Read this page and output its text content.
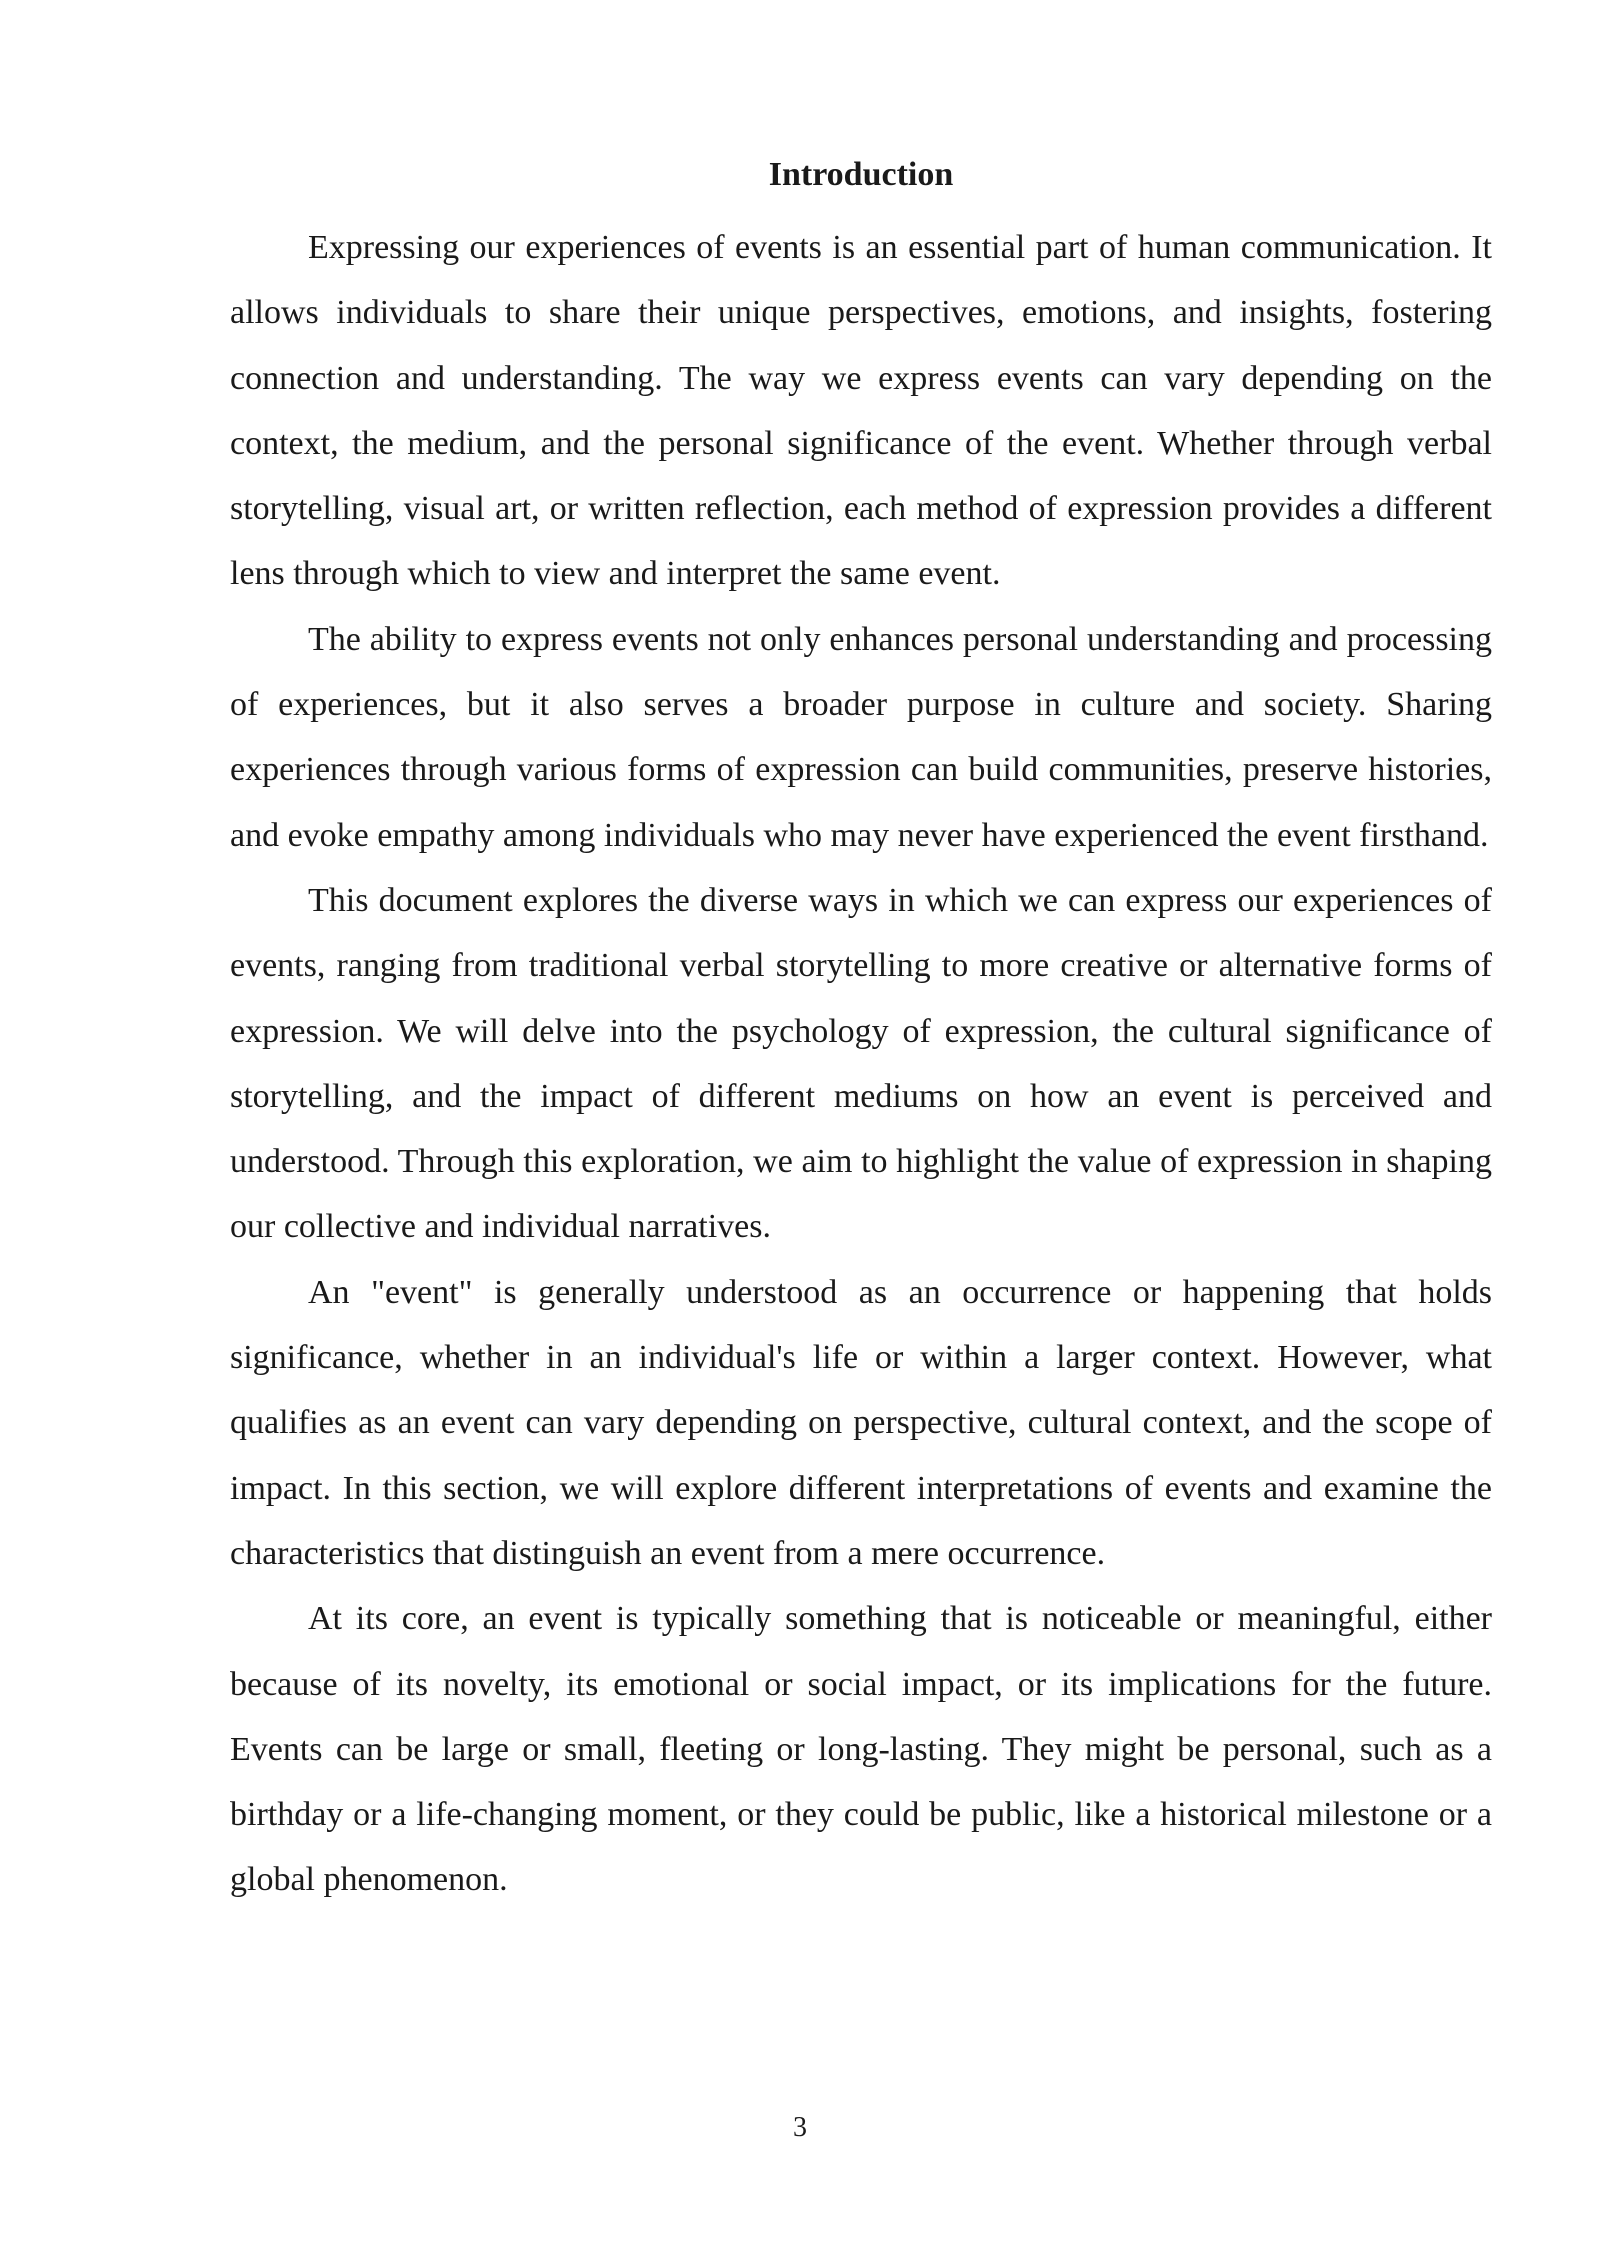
Introduction

Expressing our experiences of events is an essential part of human communication. It allows individuals to share their unique perspectives, emotions, and insights, fostering connection and understanding. The way we express events can vary depending on the context, the medium, and the personal significance of the event. Whether through verbal storytelling, visual art, or written reflection, each method of expression provides a different lens through which to view and interpret the same event.

The ability to express events not only enhances personal understanding and processing of experiences, but it also serves a broader purpose in culture and society. Sharing experiences through various forms of expression can build communities, preserve histories, and evoke empathy among individuals who may never have experienced the event firsthand.

This document explores the diverse ways in which we can express our experiences of events, ranging from traditional verbal storytelling to more creative or alternative forms of expression. We will delve into the psychology of expression, the cultural significance of storytelling, and the impact of different mediums on how an event is perceived and understood. Through this exploration, we aim to highlight the value of expression in shaping our collective and individual narratives.

An "event" is generally understood as an occurrence or happening that holds significance, whether in an individual's life or within a larger context. However, what qualifies as an event can vary depending on perspective, cultural context, and the scope of impact. In this section, we will explore different interpretations of events and examine the characteristics that distinguish an event from a mere occurrence.

At its core, an event is typically something that is noticeable or meaningful, either because of its novelty, its emotional or social impact, or its implications for the future. Events can be large or small, fleeting or long-lasting. They might be personal, such as a birthday or a life-changing moment, or they could be public, like a historical milestone or a global phenomenon.

3
